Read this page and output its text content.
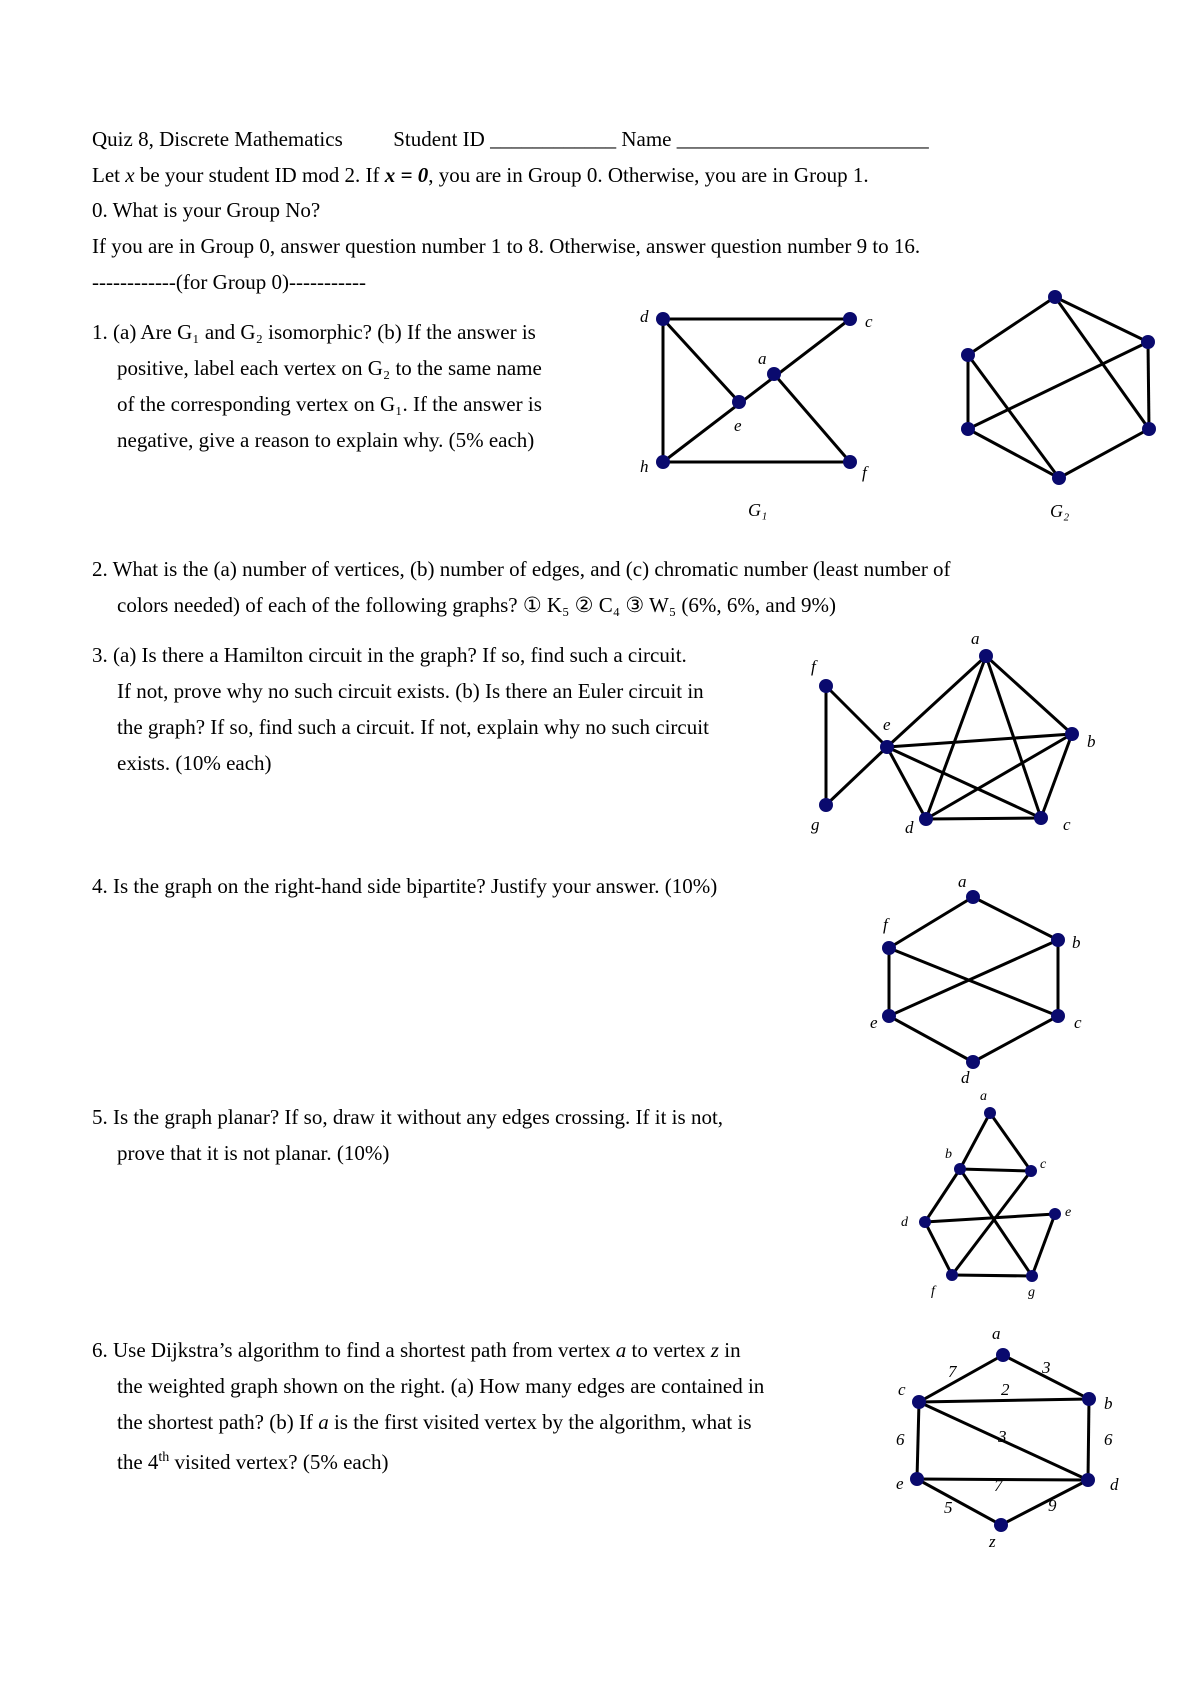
Quiz 8, Discrete Mathematics Student ID ____________ Name ________________________
Let x be your student ID mod 2. If x = 0, you are in Group 0. Otherwise, you are in Group 1.
0. What is your Group No?
If you are in Group 0, answer question number 1 to 8. Otherwise, answer question number 9 to 16.
------------(for Group 0)-----------
1. (a) Are G₁ and G₂ isomorphic? (b) If the answer is
positive, label each vertex on G₂ to the same name
of the corresponding vertex on G₁. If the answer is
negative, give a reason to explain why. (5% each)
d	c
a
e
h	f
G₁	G₂
2. What is the (a) number of vertices, (b) number of edges, and (c) chromatic number (least number of
colors needed) of each of the following graphs? ① K₅ ② C₄ ③ W₅ (6%, 6%, and 9%)
3. (a) Is there a Hamilton circuit in the graph? If so, find such a circuit.
If not, prove why no such circuit exists. (b) Is there an Euler circuit in
the graph? If so, find such a circuit. If not, explain why no such circuit
exists. (10% each)
a
f
e
b
g	d	c
4. Is the graph on the right-hand side bipartite? Justify your answer. (10%)	a
f
b
e	c
d
5. Is the graph planar? If so, draw it without any edges crossing. If it is not,
prove that it is not planar. (10%)
a
b
c
d
e
f	g
6. Use Dijkstra’s algorithm to find a shortest path from vertex a to vertex z in
the weighted graph shown on the right. (a) How many edges are contained in
the shortest path? (b) If a is the first visited vertex by the algorithm, what is
the 4th visited vertex? (5% each)
a
c
b
e	d
z
7	3
2
3
6	6
7
5	9
